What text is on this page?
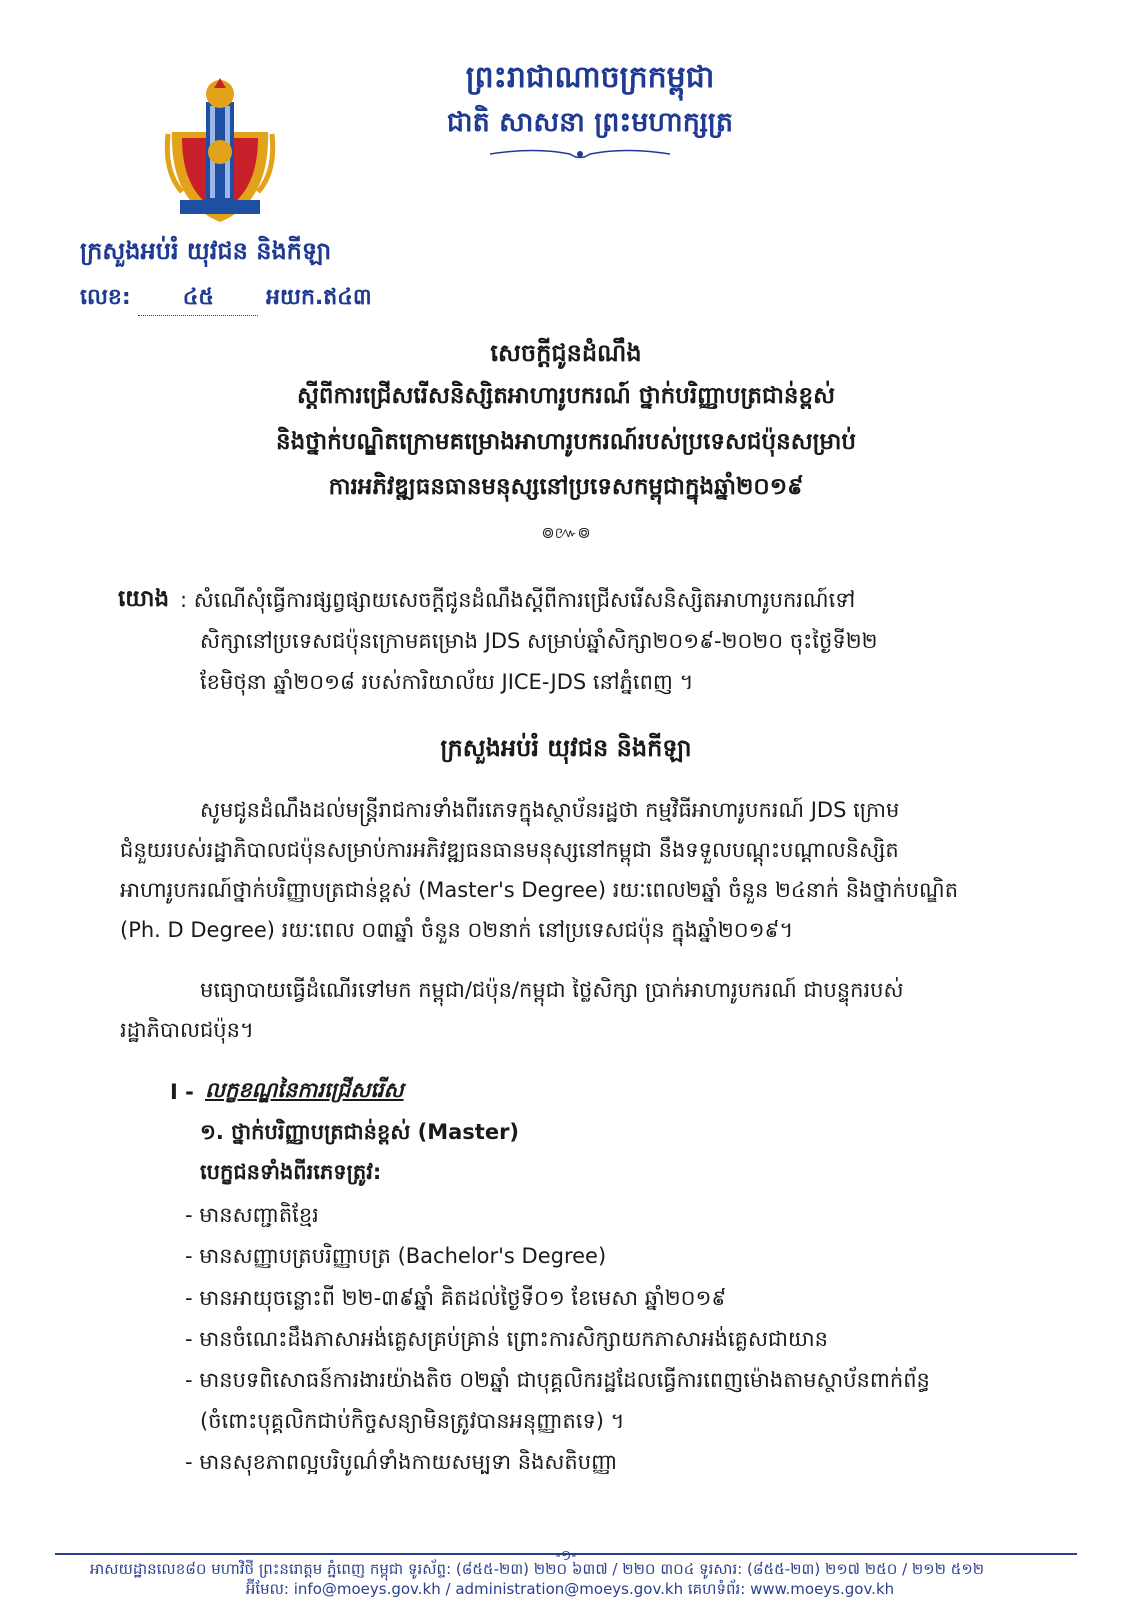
ព្រះរាជាណាចក្រកម្ពុជា
ជាតិ សាសនា ព្រះមហាក្សត្រ
ក្រសួងអប់រំ យុវជន និងកីឡា
លេខ: ៤៥ អយក.ឥ៤៣
សេចក្ដីជូនដំណឹង
ស្ដីពីការជ្រើសរើសនិស្សិតអាហារូបករណ៍ ថ្នាក់បរិញ្ញាបត្រជាន់ខ្ពស់
និងថ្នាក់បណ្ឌិតក្រោមគម្រោងអាហារូបករណ៍របស់ប្រទេសជប៉ុនសម្រាប់
ការអភិវឌ្ឍធនធានមនុស្សនៅប្រទេសកម្ពុជាក្នុងឆ្នាំ២០១៩
៙៚៙
យោង : សំណើសុំធ្វើការផ្សព្វផ្សាយសេចក្ដីជូនដំណឹងស្ដីពីការជ្រើសរើសនិស្សិតអាហារូបករណ៍ទៅ
សិក្សានៅប្រទេសជប៉ុនក្រោមគម្រោង JDS សម្រាប់ឆ្នាំសិក្សា២០១៩-២០២០ ចុះថ្ងៃទី២២
ខែមិថុនា ឆ្នាំ២០១៨ របស់ការិយាល័យ JICE-JDS នៅភ្នំពេញ ។
ក្រសួងអប់រំ យុវជន និងកីឡា
សូមជូនដំណឹងដល់មន្ត្រីរាជការទាំងពីរភេទក្នុងស្ថាប័នរដ្ឋថា កម្មវិធីអាហារូបករណ៍ JDS ក្រោម
ជំនួយរបស់រដ្ឋាភិបាលជប៉ុនសម្រាប់ការអភិវឌ្ឍធនធានមនុស្សនៅកម្ពុជា នឹងទទួលបណ្ដុះបណ្ដាលនិស្សិត
អាហារូបករណ៍ថ្នាក់បរិញ្ញាបត្រជាន់ខ្ពស់ (Master's Degree) រយៈពេល២ឆ្នាំ ចំនួន ២៤នាក់ និងថ្នាក់បណ្ឌិត
(Ph. D Degree) រយៈពេល ០៣ឆ្នាំ ចំនួន ០២នាក់ នៅប្រទេសជប៉ុន ក្នុងឆ្នាំ២០១៩។
មធ្យោបាយធ្វើដំណើរទៅមក កម្ពុជា/ជប៉ុន/កម្ពុជា ថ្លៃសិក្សា ប្រាក់អាហារូបករណ៍ ជាបន្ទុករបស់
រដ្ឋាភិបាលជប៉ុន។
I - លក្ខខណ្ឌនៃការជ្រើសរើស
១. ថ្នាក់បរិញ្ញាបត្រជាន់ខ្ពស់ (Master)
បេក្ខជនទាំងពីរភេទត្រូវ:
- មានសញ្ជាតិខ្មែរ
- មានសញ្ញាបត្របរិញ្ញាបត្រ (Bachelor's Degree)
- មានអាយុចន្លោះពី ២២-៣៩ឆ្នាំ គិតដល់ថ្ងៃទី០១ ខែមេសា ឆ្នាំ២០១៩
- មានចំណេះដឹងភាសាអង់គ្លេសគ្រប់គ្រាន់ ព្រោះការសិក្សាយកភាសាអង់គ្លេសជាយាន
- មានបទពិសោធន៍ការងារយ៉ាងតិច ០២ឆ្នាំ ជាបុគ្គលិករដ្ឋដែលធ្វើការពេញម៉ោងតាមស្ថាប័នពាក់ព័ន្ធ
(ចំពោះបុគ្គលិកជាប់កិច្ចសន្យាមិនត្រូវបានអនុញ្ញាតទេ) ។
- មានសុខភាពល្អបរិបូណ៌ទាំងកាយសម្បទា និងសតិបញ្ញា
-១-
អាសយដ្ឋានលេខ៨០ មហាវិថី ព្រះនរោត្តម ភ្នំពេញ កម្ពុជា ទូរស័ព្ទ: (៨៥៥-២៣) ២២០ ៦៣៧ / ២២០ ៣០៤ ទូរសារ: (៨៥៥-២៣) ២១៧ ២៥០ / ២១២ ៥១២
អ៊ីមែល: info@moeys.gov.kh / administration@moeys.gov.kh គេហទំព័រ: www.moeys.gov.kh
